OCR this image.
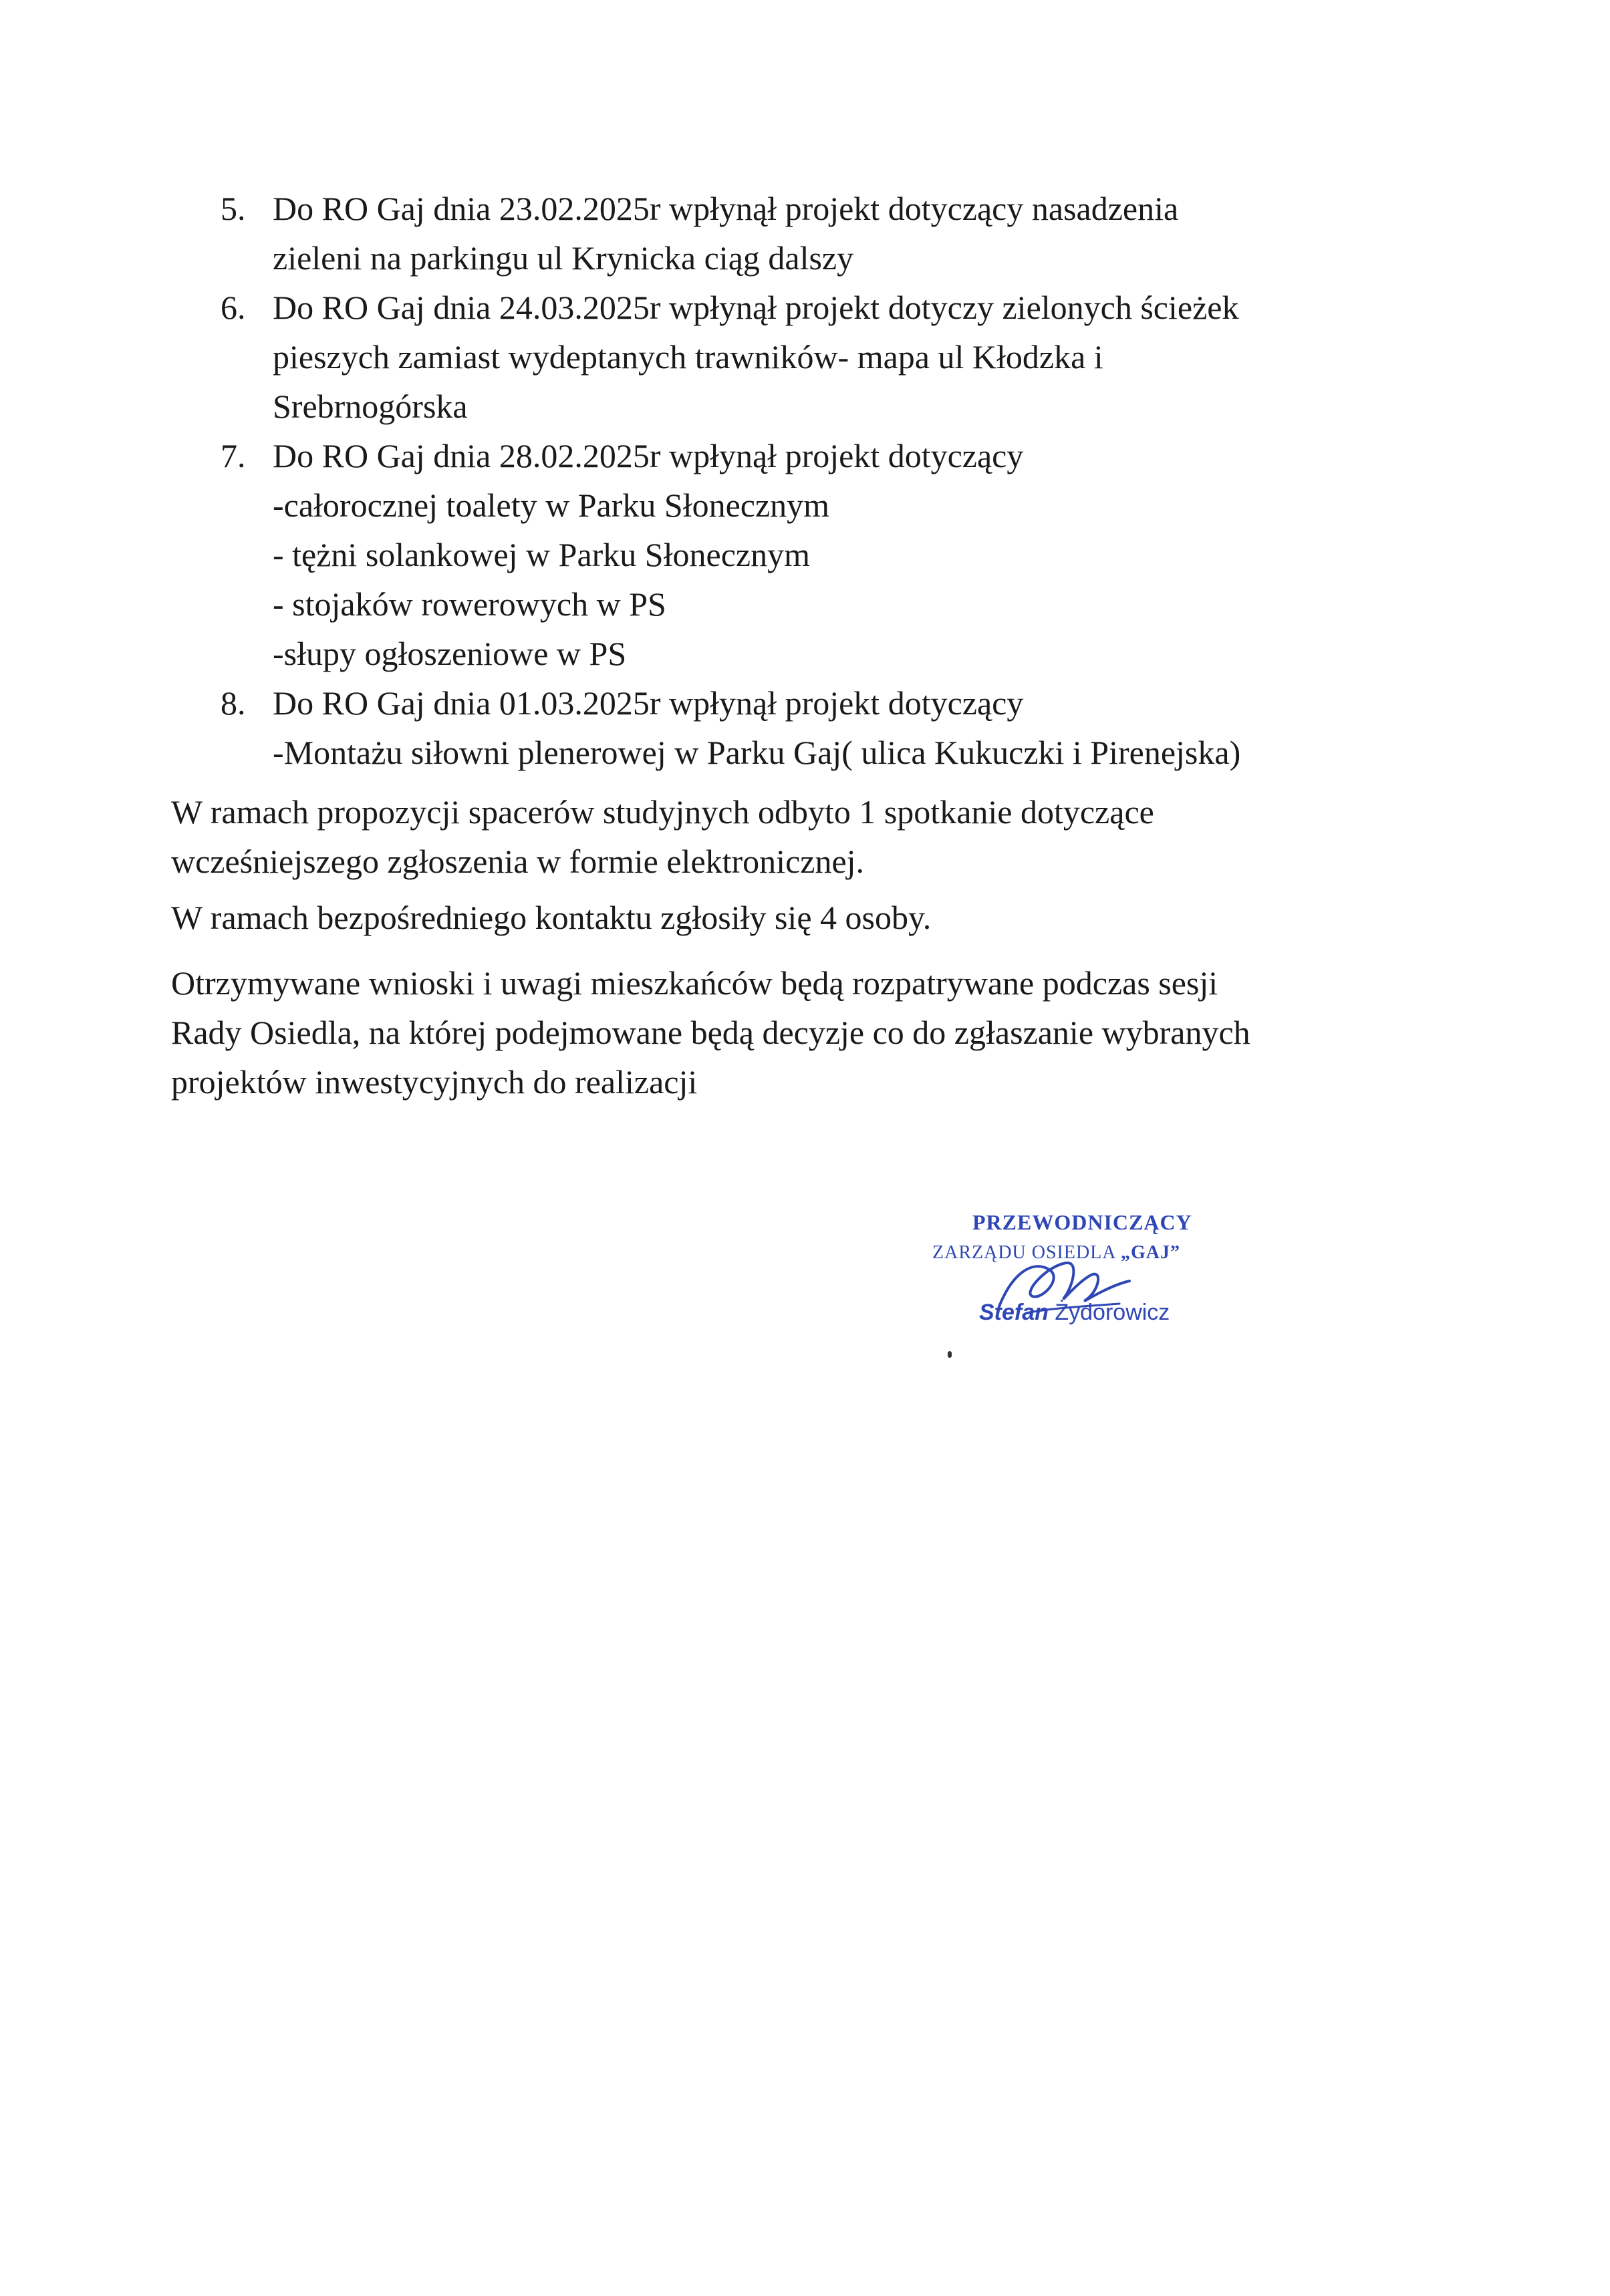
5. Do RO Gaj dnia 23.02.2025r wpłynął projekt dotyczący nasadzenia
zieleni na parkingu ul Krynicka ciąg dalszy
6. Do RO Gaj dnia 24.03.2025r wpłynął projekt dotyczy zielonych ścieżek
pieszych zamiast wydeptanych trawników- mapa ul Kłodzka i
Srebrnogórska
7. Do RO Gaj dnia 28.02.2025r wpłynął projekt dotyczący
-całorocznej toalety w Parku Słonecznym
- tężni solankowej w Parku Słonecznym
- stojaków rowerowych w PS
-słupy ogłoszeniowe w PS
8. Do RO Gaj dnia 01.03.2025r wpłynął projekt dotyczący
-Montażu siłowni plenerowej w Parku Gaj( ulica Kukuczki i Pirenejska)

W ramach propozycji spacerów studyjnych odbyto 1 spotkanie dotyczące

wcześniejszego zgłoszenia w formie elektronicznej.

W ramach bezpośredniego kontaktu zgłosiły się 4 osoby.

Otrzymywane wnioski i uwagi mieszkańców będą rozpatrywane podczas sesji

Rady Osiedla, na której podejmowane będą decyzje co do zgłaszanie wybranych

projektów inwestycyjnych do realizacji

PRZEWODNICZĄCY
ZARZĄDU OSIEDLA „GAJ”
Stefan Żydorowicz
